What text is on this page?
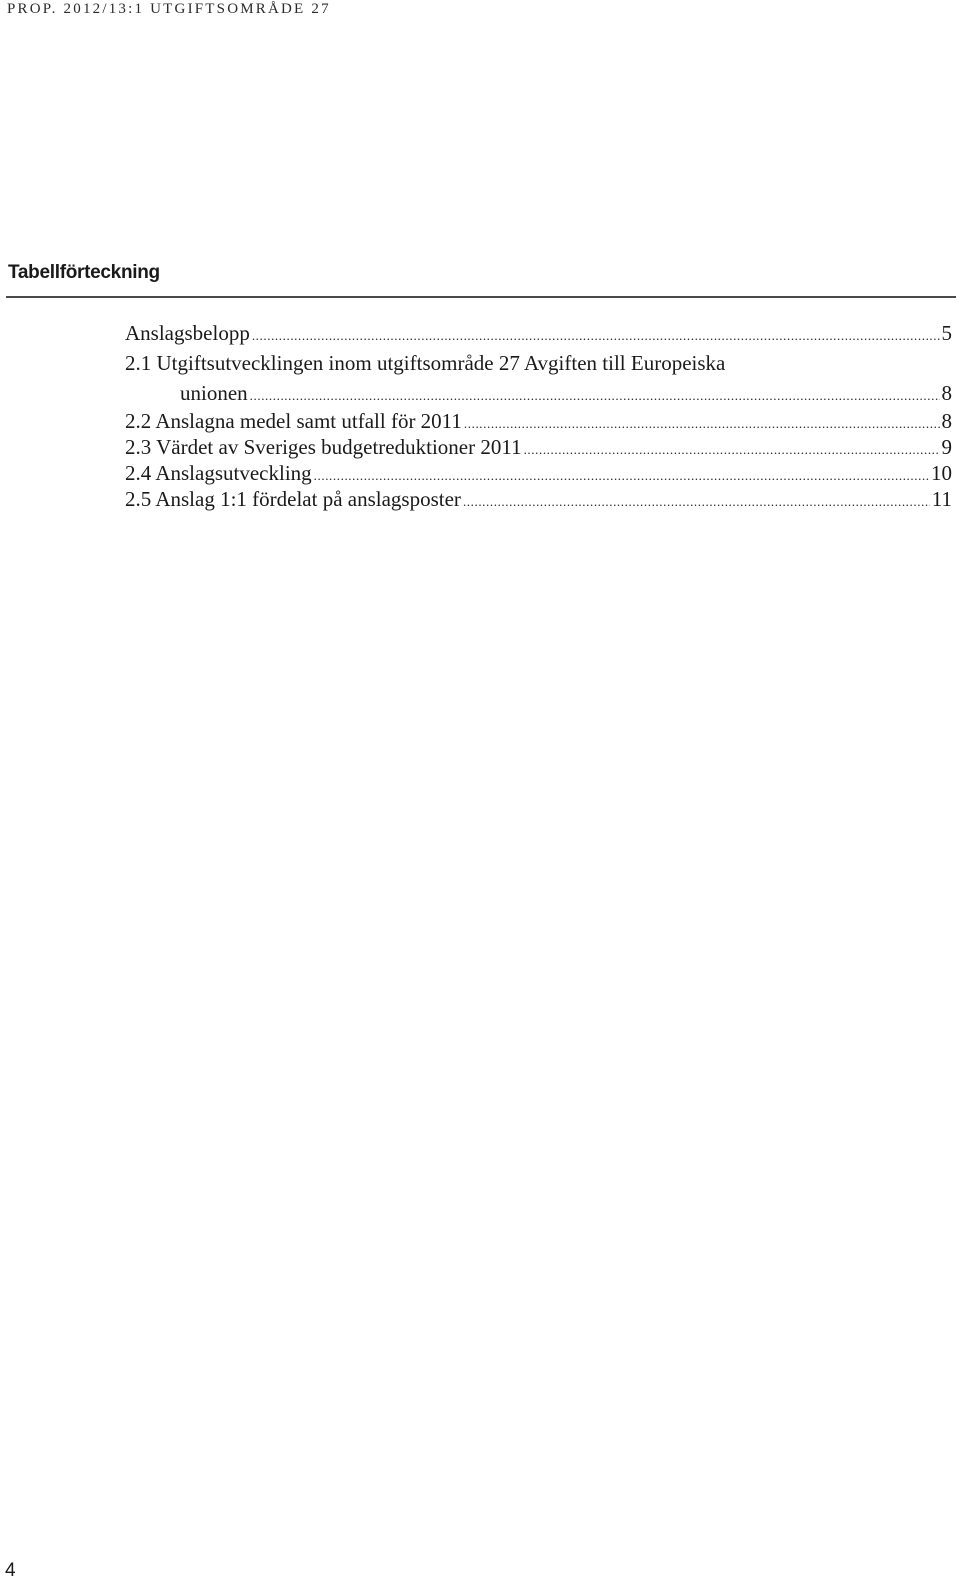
PROP. 2012/13:1 UTGIFTSOMRÅDE 27
Tabellförteckning
Anslagsbelopp .....	5
2.1 Utgiftsutvecklingen inom utgiftsområde 27 Avgiften till Europeiska
unionen .....	8
2.2 Anslagna medel samt utfall för 2011 .....	8
2.3 Värdet av Sveriges budgetreduktioner 2011 .....	9
2.4 Anslagsutveckling .....	10
2.5 Anslag 1:1 fördelat på anslagsposter .....	11
4
